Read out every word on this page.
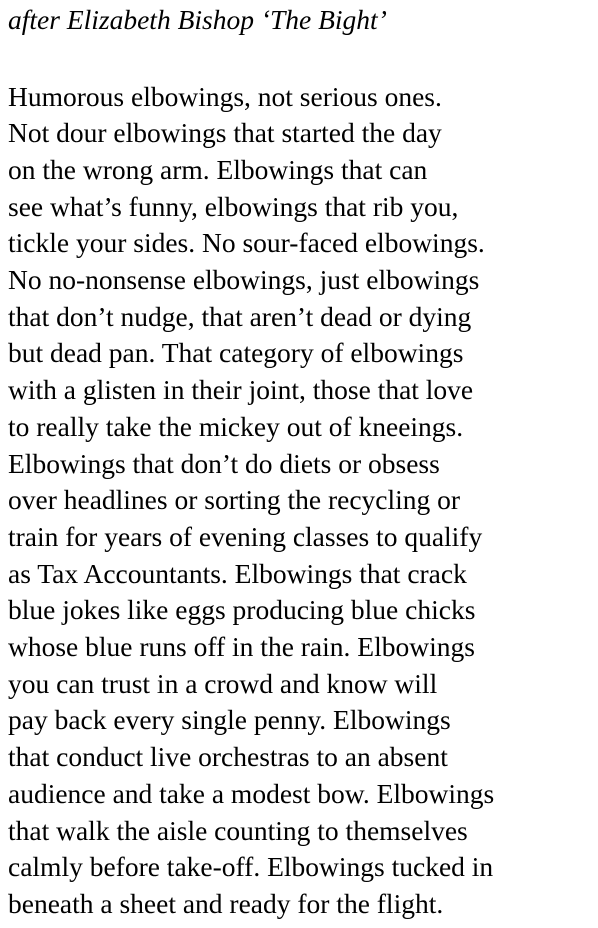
after Elizabeth Bishop ‘The Bight’
Humorous elbowings, not serious ones.
Not dour elbowings that started the day
on the wrong arm. Elbowings that can
see what’s funny, elbowings that rib you,
tickle your sides. No sour-faced elbowings.
No no-nonsense elbowings, just elbowings
that don’t nudge, that aren’t dead or dying
but dead pan. That category of elbowings
with a glisten in their joint, those that love
to really take the mickey out of kneeings.
Elbowings that don’t do diets or obsess
over headlines or sorting the recycling or
train for years of evening classes to qualify
as Tax Accountants. Elbowings that crack
blue jokes like eggs producing blue chicks
whose blue runs off in the rain. Elbowings
you can trust in a crowd and know will
pay back every single penny. Elbowings
that conduct live orchestras to an absent
audience and take a modest bow. Elbowings
that walk the aisle counting to themselves
calmly before take-off. Elbowings tucked in
beneath a sheet and ready for the flight.
